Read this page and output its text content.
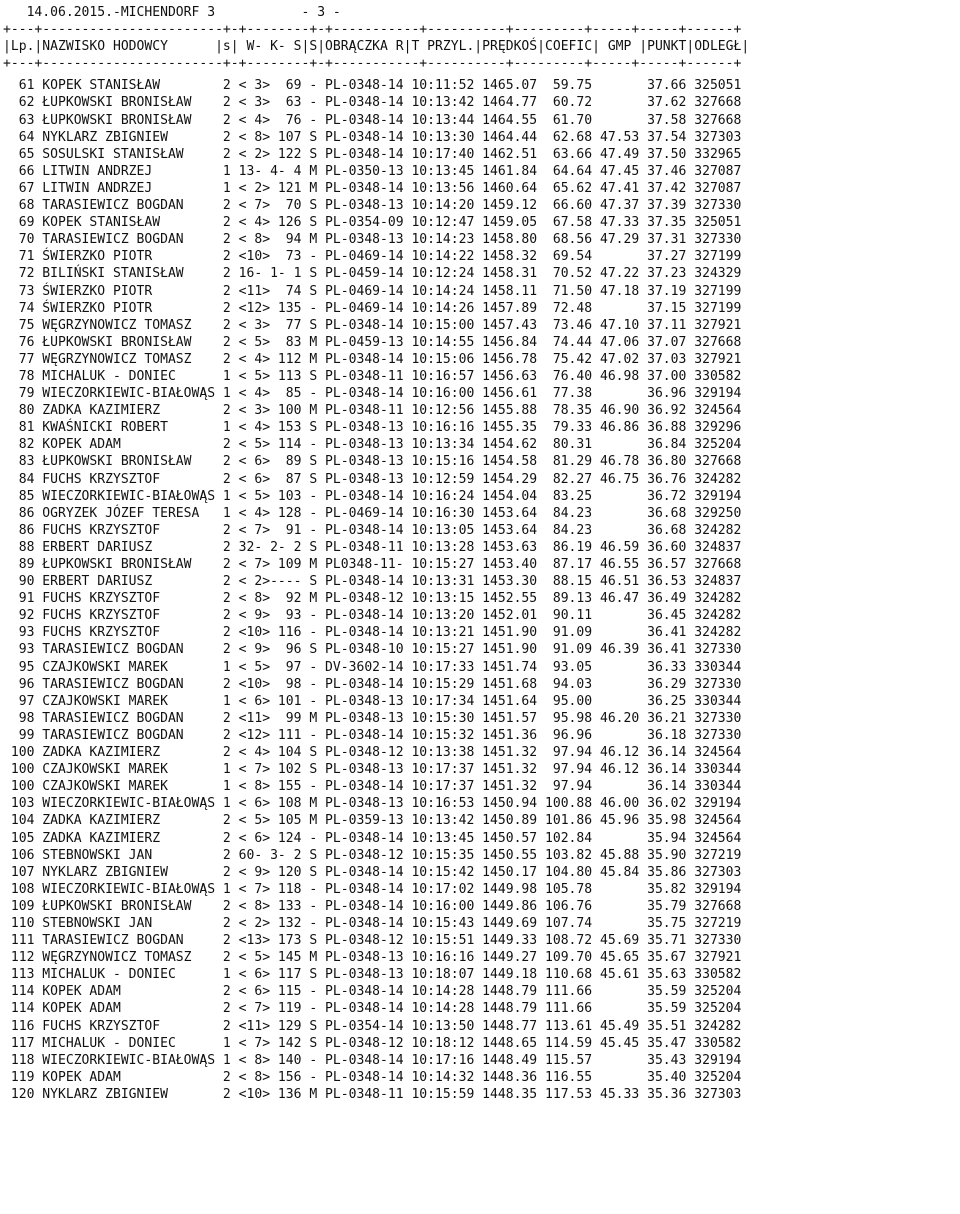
14.06.2015.-MICHENDORF 3           - 3 -
+---+-----------------------+-+--------+-+-----------+----------+---------+-----+-----+------+
|Lp.|NAZWISKO HODOWCY      |s| W- K- S|S|OBRĄCZKA R|T PRZYL.|PRĘDKOŚ|COEFIC| GMP |PUNKT|ODLEGŁ|
+---+-----------------------+-+--------+-+-----------+----------+---------+-----+-----+------+
61 KOPEK STANISŁAW        2 < 3>  69 - PL-0348-14 10:11:52 1465.07  59.75       37.66 325051
62 ŁUPKOWSKI BRONISŁAW    2 < 3>  63 - PL-0348-14 10:13:42 1464.77  60.72       37.62 327668
63 ŁUPKOWSKI BRONISŁAW    2 < 4>  76 - PL-0348-14 10:13:44 1464.55  61.70       37.58 327668
64 NYKLARZ ZBIGNIEW       2 < 8> 107 S PL-0348-14 10:13:30 1464.44  62.68 47.53 37.54 327303
65 SOSULSKI STANISŁAW     2 < 2> 122 S PL-0348-14 10:17:40 1462.51  63.66 47.49 37.50 332965
66 LITWIN ANDRZEJ         1 13- 4- 4 M PL-0350-13 10:13:45 1461.84  64.64 47.45 37.46 327087
67 LITWIN ANDRZEJ         1 < 2> 121 M PL-0348-14 10:13:56 1460.64  65.62 47.41 37.42 327087
68 TARASIEWICZ BOGDAN     2 < 7>  70 S PL-0348-13 10:14:20 1459.12  66.60 47.37 37.39 327330
69 KOPEK STANISŁAW        2 < 4> 126 S PL-0354-09 10:12:47 1459.05  67.58 47.33 37.35 325051
70 TARASIEWICZ BOGDAN     2 < 8>  94 M PL-0348-13 10:14:23 1458.80  68.56 47.29 37.31 327330
71 ŚWIERZKO PIOTR         2 <10>  73 - PL-0469-14 10:14:22 1458.32  69.54       37.27 327199
72 BILIŃSKI STANISŁAW     2 16- 1- 1 S PL-0459-14 10:12:24 1458.31  70.52 47.22 37.23 324329
73 ŚWIERZKO PIOTR         2 <11>  74 S PL-0469-14 10:14:24 1458.11  71.50 47.18 37.19 327199
74 ŚWIERZKO PIOTR         2 <12> 135 - PL-0469-14 10:14:26 1457.89  72.48       37.15 327199
75 WĘGRZYNOWICZ TOMASZ    2 < 3>  77 S PL-0348-14 10:15:00 1457.43  73.46 47.10 37.11 327921
76 ŁUPKOWSKI BRONISŁAW    2 < 5>  83 M PL-0459-13 10:14:55 1456.84  74.44 47.06 37.07 327668
77 WĘGRZYNOWICZ TOMASZ    2 < 4> 112 M PL-0348-14 10:15:06 1456.78  75.42 47.02 37.03 327921
78 MICHALUK - DONIEC      1 < 5> 113 S PL-0348-11 10:16:57 1456.63  76.40 46.98 37.00 330582
79 WIECZORKIEWIC-BIAŁOWĄS 1 < 4>  85 - PL-0348-14 10:16:00 1456.61  77.38       36.96 329194
80 ZADKA KAZIMIERZ        2 < 3> 100 M PL-0348-11 10:12:56 1455.88  78.35 46.90 36.92 324564
81 KWAŚNICKI ROBERT       1 < 4> 153 S PL-0348-13 10:16:16 1455.35  79.33 46.86 36.88 329296
82 KOPEK ADAM             2 < 5> 114 - PL-0348-13 10:13:34 1454.62  80.31       36.84 325204
83 ŁUPKOWSKI BRONISŁAW    2 < 6>  89 S PL-0348-13 10:15:16 1454.58  81.29 46.78 36.80 327668
84 FUCHS KRZYSZTOF        2 < 6>  87 S PL-0348-13 10:12:59 1454.29  82.27 46.75 36.76 324282
85 WIECZORKIEWIC-BIAŁOWĄS 1 < 5> 103 - PL-0348-14 10:16:24 1454.04  83.25       36.72 329194
86 OGRYZEK JÓZEF TERESA   1 < 4> 128 - PL-0469-14 10:16:30 1453.64  84.23       36.68 329250
86 FUCHS KRZYSZTOF        2 < 7>  91 - PL-0348-14 10:13:05 1453.64  84.23       36.68 324282
88 ERBERT DARIUSZ         2 32- 2- 2 S PL-0348-11 10:13:28 1453.63  86.19 46.59 36.60 324837
89 ŁUPKOWSKI BRONISŁAW    2 < 7> 109 M PL0348-11- 10:15:27 1453.40  87.17 46.55 36.57 327668
90 ERBERT DARIUSZ         2 < 2>---- S PL-0348-14 10:13:31 1453.30  88.15 46.51 36.53 324837
91 FUCHS KRZYSZTOF        2 < 8>  92 M PL-0348-12 10:13:15 1452.55  89.13 46.47 36.49 324282
92 FUCHS KRZYSZTOF        2 < 9>  93 - PL-0348-14 10:13:20 1452.01  90.11       36.45 324282
93 FUCHS KRZYSZTOF        2 <10> 116 - PL-0348-14 10:13:21 1451.90  91.09       36.41 324282
93 TARASIEWICZ BOGDAN     2 < 9>  96 S PL-0348-10 10:15:27 1451.90  91.09 46.39 36.41 327330
95 CZAJKOWSKI MAREK       1 < 5>  97 - DV-3602-14 10:17:33 1451.74  93.05       36.33 330344
96 TARASIEWICZ BOGDAN     2 <10>  98 - PL-0348-14 10:15:29 1451.68  94.03       36.29 327330
97 CZAJKOWSKI MAREK       1 < 6> 101 - PL-0348-13 10:17:34 1451.64  95.00       36.25 330344
98 TARASIEWICZ BOGDAN     2 <11>  99 M PL-0348-13 10:15:30 1451.57  95.98 46.20 36.21 327330
99 TARASIEWICZ BOGDAN     2 <12> 111 - PL-0348-14 10:15:32 1451.36  96.96       36.18 327330
100 ZADKA KAZIMIERZ        2 < 4> 104 S PL-0348-12 10:13:38 1451.32  97.94 46.12 36.14 324564
100 CZAJKOWSKI MAREK       1 < 7> 102 S PL-0348-13 10:17:37 1451.32  97.94 46.12 36.14 330344
100 CZAJKOWSKI MAREK       1 < 8> 155 - PL-0348-14 10:17:37 1451.32  97.94       36.14 330344
103 WIECZORKIEWIC-BIAŁOWĄS 1 < 6> 108 M PL-0348-13 10:16:53 1450.94 100.88 46.00 36.02 329194
104 ZADKA KAZIMIERZ        2 < 5> 105 M PL-0359-13 10:13:42 1450.89 101.86 45.96 35.98 324564
105 ZADKA KAZIMIERZ        2 < 6> 124 - PL-0348-14 10:13:45 1450.57 102.84       35.94 324564
106 STEBNOWSKI JAN         2 60- 3- 2 S PL-0348-12 10:15:35 1450.55 103.82 45.88 35.90 327219
107 NYKLARZ ZBIGNIEW       2 < 9> 120 S PL-0348-14 10:15:42 1450.17 104.80 45.84 35.86 327303
108 WIECZORKIEWIC-BIAŁOWĄS 1 < 7> 118 - PL-0348-14 10:17:02 1449.98 105.78       35.82 329194
109 ŁUPKOWSKI BRONISŁAW    2 < 8> 133 - PL-0348-14 10:16:00 1449.86 106.76       35.79 327668
110 STEBNOWSKI JAN         2 < 2> 132 - PL-0348-14 10:15:43 1449.69 107.74       35.75 327219
111 TARASIEWICZ BOGDAN     2 <13> 173 S PL-0348-12 10:15:51 1449.33 108.72 45.69 35.71 327330
112 WĘGRZYNOWICZ TOMASZ    2 < 5> 145 M PL-0348-13 10:16:16 1449.27 109.70 45.65 35.67 327921
113 MICHALUK - DONIEC      1 < 6> 117 S PL-0348-13 10:18:07 1449.18 110.68 45.61 35.63 330582
114 KOPEK ADAM             2 < 6> 115 - PL-0348-14 10:14:28 1448.79 111.66       35.59 325204
114 KOPEK ADAM             2 < 7> 119 - PL-0348-14 10:14:28 1448.79 111.66       35.59 325204
116 FUCHS KRZYSZTOF        2 <11> 129 S PL-0354-14 10:13:50 1448.77 113.61 45.49 35.51 324282
117 MICHALUK - DONIEC      1 < 7> 142 S PL-0348-12 10:18:12 1448.65 114.59 45.45 35.47 330582
118 WIECZORKIEWIC-BIAŁOWĄS 1 < 8> 140 - PL-0348-14 10:17:16 1448.49 115.57       35.43 329194
119 KOPEK ADAM             2 < 8> 156 - PL-0348-14 10:14:32 1448.36 116.55       35.40 325204
120 NYKLARZ ZBIGNIEW       2 <10> 136 M PL-0348-11 10:15:59 1448.35 117.53 45.33 35.36 327303
